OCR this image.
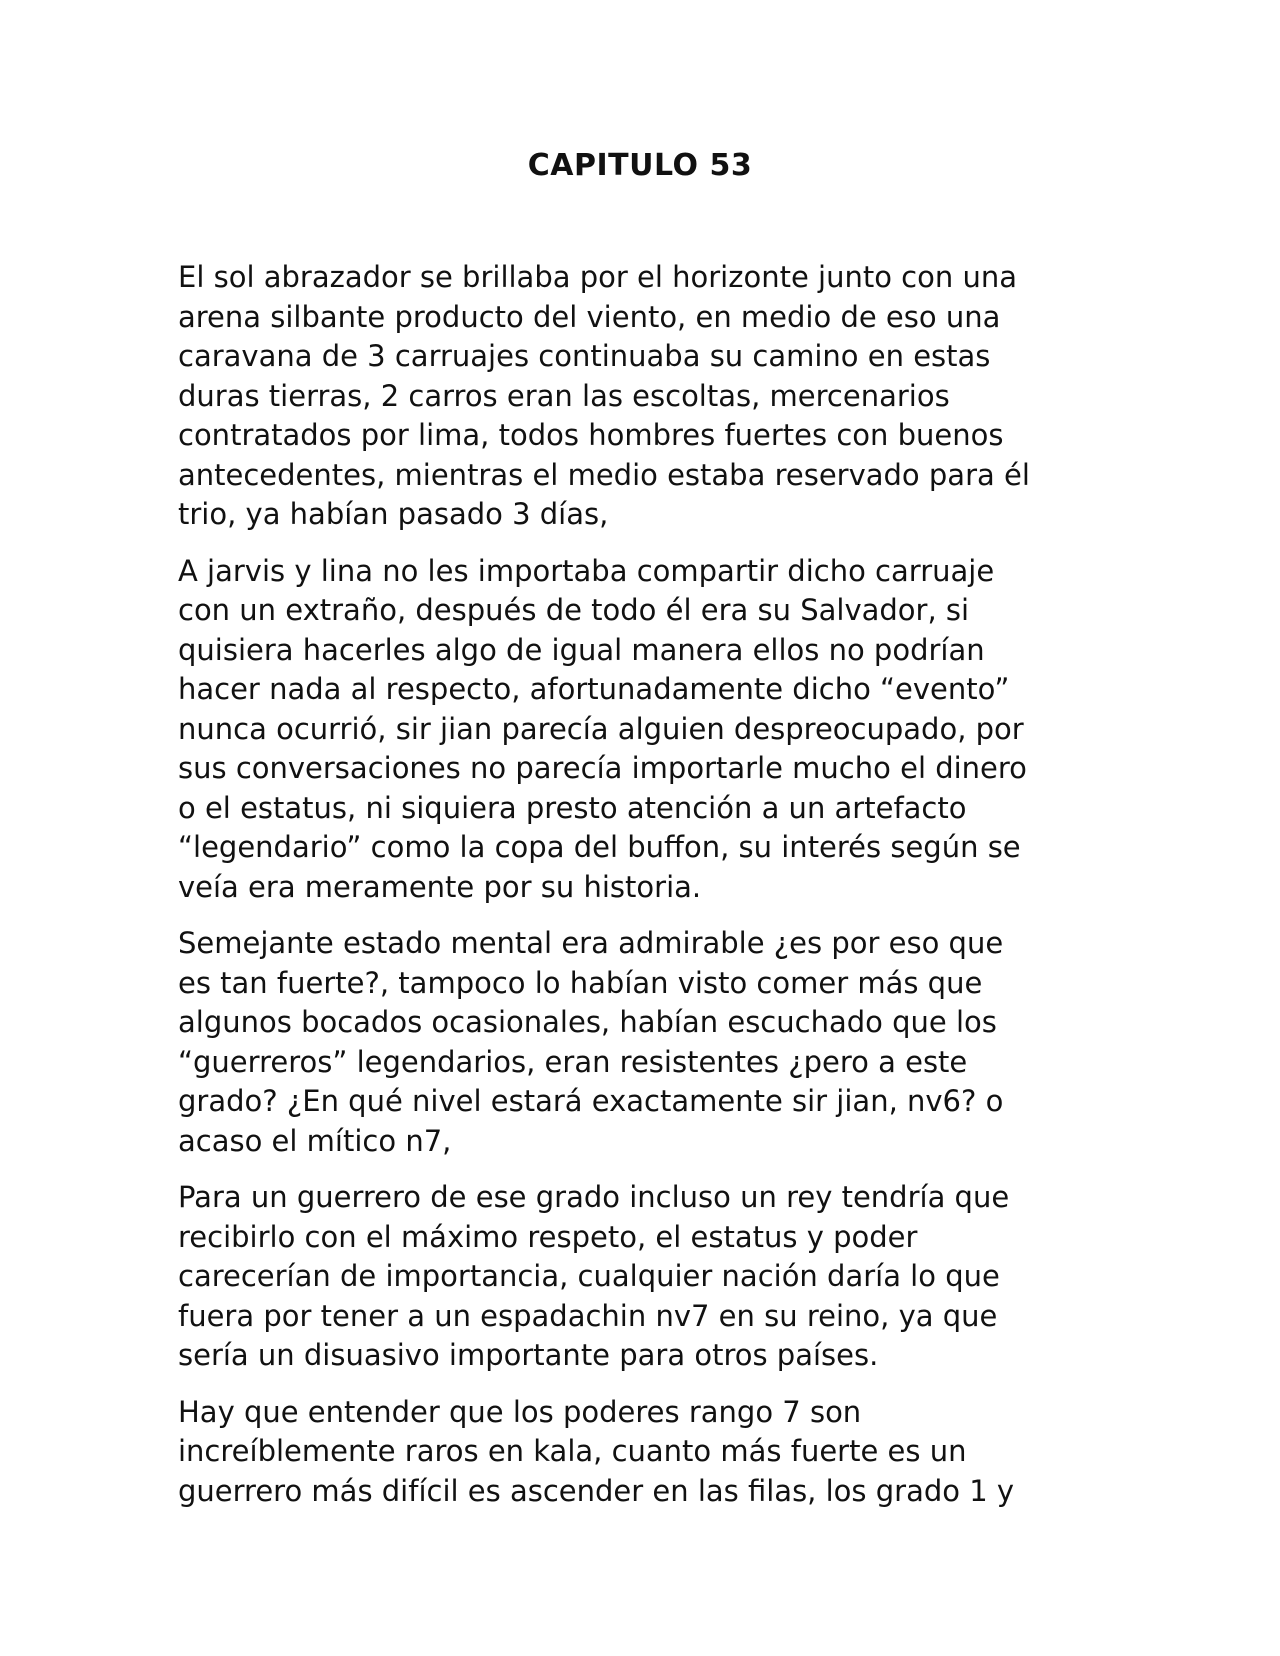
CAPITULO 53

El sol abrazador se brillaba por el horizonte junto con una
arena silbante producto del viento, en medio de eso una
caravana de 3 carruajes continuaba su camino en estas
duras tierras, 2 carros eran las escoltas, mercenarios
contratados por lima, todos hombres fuertes con buenos
antecedentes, mientras el medio estaba reservado para él
trio, ya habían pasado 3 días,

A jarvis y lina no les importaba compartir dicho carruaje
con un extraño, después de todo él era su Salvador, si
quisiera hacerles algo de igual manera ellos no podrían
hacer nada al respecto, afortunadamente dicho “evento”
nunca ocurrió, sir jian parecía alguien despreocupado, por
sus conversaciones no parecía importarle mucho el dinero
o el estatus, ni siquiera presto atención a un artefacto
“legendario” como la copa del buffon, su interés según se
veía era meramente por su historia.

Semejante estado mental era admirable ¿es por eso que
es tan fuerte?, tampoco lo habían visto comer más que
algunos bocados ocasionales, habían escuchado que los
“guerreros” legendarios, eran resistentes ¿pero a este
grado? ¿En qué nivel estará exactamente sir jian, nv6? o
acaso el mítico n7,

Para un guerrero de ese grado incluso un rey tendría que
recibirlo con el máximo respeto, el estatus y poder
carecerían de importancia, cualquier nación daría lo que
fuera por tener a un espadachin nv7 en su reino, ya que
sería un disuasivo importante para otros países.

Hay que entender que los poderes rango 7 son
increíblemente raros en kala, cuanto más fuerte es un
guerrero más difícil es ascender en las filas, los grado 1 y
